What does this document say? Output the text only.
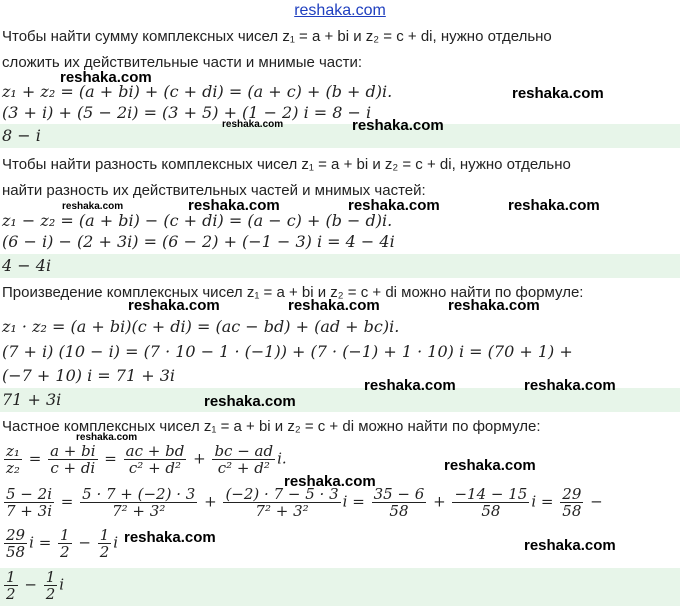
reshaka.com
Чтобы найти сумму комплексных чисел z₁ = a + bi и z₂ = c + di, нужно отдельно
сложить их действительные части и мнимые части:
z₁ + z₂ = (a + bi) + (c + di) = (a + c) + (b + d)i.
(3 + i) + (5 − 2i) = (3 + 5) + (1 − 2) i = 8 − i
8 − i
Чтобы найти разность комплексных чисел z₁ = a + bi и z₂ = c + di, нужно отдельно
найти разность их действительных частей и мнимых частей:
z₁ − z₂ = (a + bi) − (c + di) = (a − c) + (b − d)i.
(6 − i) − (2 + 3i) = (6 − 2) + (−1 − 3) i = 4 − 4i
4 − 4i
Произведение комплексных чисел z₁ = a + bi и z₂ = c + di можно найти по формуле:
z₁ · z₂ = (a + bi)(c + di) = (ac − bd) + (ad + bc)i.
(7 + i) (10 − i) = (7 · 10 − 1 · (−1)) + (7 · (−1) + 1 · 10) i = (70 + 1) +
(−7 + 10) i = 71 + 3i
71 + 3i
Частное комплексных чисел z₁ = a + bi и z₂ = c + di можно найти по формуле:
$\frac{\text{z₁}}{\text{z₂}} = \frac{a + bi}{c + di} = \frac{ac + bd}{\text{c² + d²}} + \frac{bc - ad}{\text{c² + d²}} i$.
$\frac{5 - 2i}{7 + 3i} = \frac{5 \cdot 7 + (-2) \cdot 3}{\text{7² + 3²}} + \frac{(-2) \cdot 7 - 5 \cdot 3}{\text{7² + 3²}}$ $i = \frac{35 - 6}{58} + \frac{-14 - 15}{58}$ $i = \frac{29}{58}$ −
$\frac{29}{58}$ $i = \frac{1}{2} - \frac{1}{2}$ i
$\frac{1}{2} - \frac{1}{2}$ i
reshaka.com
reshaka.com
reshaka.com	reshaka.com
reshaka.com	reshaka.com	reshaka.com	reshaka.com
reshaka.com	reshaka.com	reshaka.com
reshaka.com	reshaka.com
reshaka.com
reshaka.com
reshaka.com
reshaka.com
reshaka.com	reshaka.com
